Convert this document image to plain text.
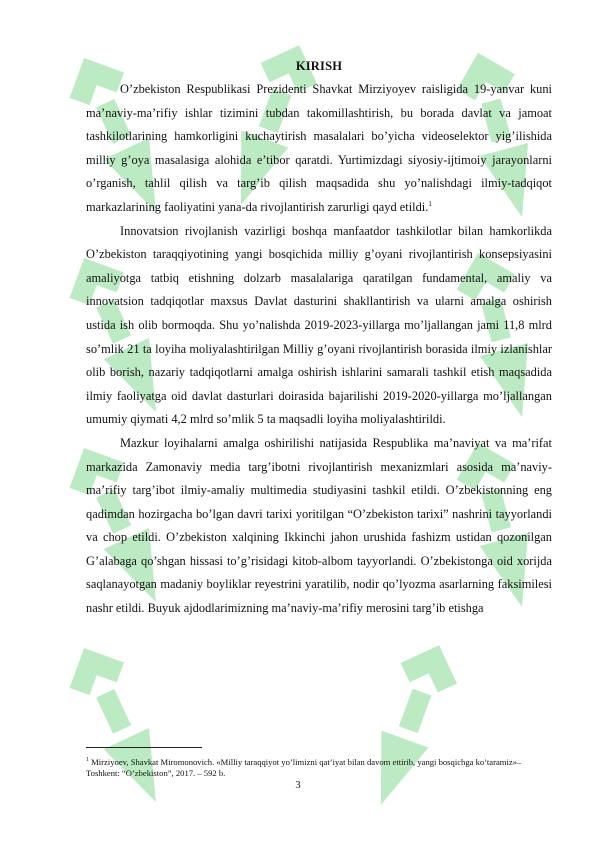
KIRISH

O’zbekiston Respublikasi Prezidenti Shavkat Mirziyoyev raisligida 19-yanvar kuni ma’naviy-ma’rifiy ishlar tizimini tubdan takomillashtirish, bu borada davlat va jamoat tashkilotlarining hamkorligini kuchaytirish masalalari bo’yicha videoselektor yig’ilishida milliy g’oya masalasiga alohida e’tibor qaratdi. Yurtimizdagi siyosiy-ijtimoiy jarayonlarni o’rganish, tahlil qilish va targ’ib qilish maqsadida shu yo’nalishdagi ilmiy-tadqiqot markazlarining faoliyatini yana-da rivojlantirish zarurligi qayd etildi.$^1$

Innovatsion rivojlanish vazirligi boshqa manfaatdor tashkilotlar bilan hamkorlikda O’zbekiston taraqqiyotining yangi bosqichida milliy g’oyani rivojlantirish konsepsiyasini amaliyotga tatbiq etishning dolzarb masalalariga qaratilgan fundamental, amaliy va innovatsion tadqiqotlar maxsus Davlat dasturini shakllantirish va ularni amalga oshirish ustida ish olib bormoqda. Shu yo’nalishda 2019-2023-yillarga mo’ljallangan jami 11,8 mlrd so’mlik 21 ta loyiha moliyalashtirilgan Milliy g’oyani rivojlantirish borasida ilmiy izlanishlar olib borish, nazariy tadqiqotlarni amalga oshirish ishlarini samarali tashkil etish maqsadida ilmiy faoliyatga oid davlat dasturlari doirasida bajarilishi 2019-2020-yillarga mo’ljallangan umumiy qiymati 4,2 mlrd so’mlik 5 ta maqsadli loyiha moliyalashtirildi.

Mazkur loyihalarni amalga oshirilishi natijasida Respublika ma’naviyat va ma’rifat markazida Zamonaviy media targ’ibotni rivojlantirish mexanizmlari asosida ma’naviy-ma’rifiy targ’ibot ilmiy-amaliy multimedia studiyasini tashkil etildi. O’zbekistonning eng qadimdan hozirgacha bo’lgan davri tarixi yoritilgan “O’zbekiston tarixi” nashrini tayyorlandi va chop etildi. O’zbekiston xalqining Ikkinchi jahon urushida fashizm ustidan qozonilgan G’alabaga qo’shgan hissasi to’g’risidagi kitob-albom tayyorlandi. O’zbekistonga oid xorijda saqlanayotgan madaniy boyliklar reyestrini yaratilib, nodir qo’lyozma asarlarning faksimilesi nashr etildi. Buyuk ajdodlarimizning ma’naviy-ma’rifiy merosini targ’ib etishga

$^1$ Mirziyoev, Shavkat Miromonovich. «Milliy taraqqiyot yo’limizni qat’iyat bilan davom ettirib, yangi bosqichga ko’taramiz»– Toshkent: “O’zbekiston”, 2017. – 592 b.
3
